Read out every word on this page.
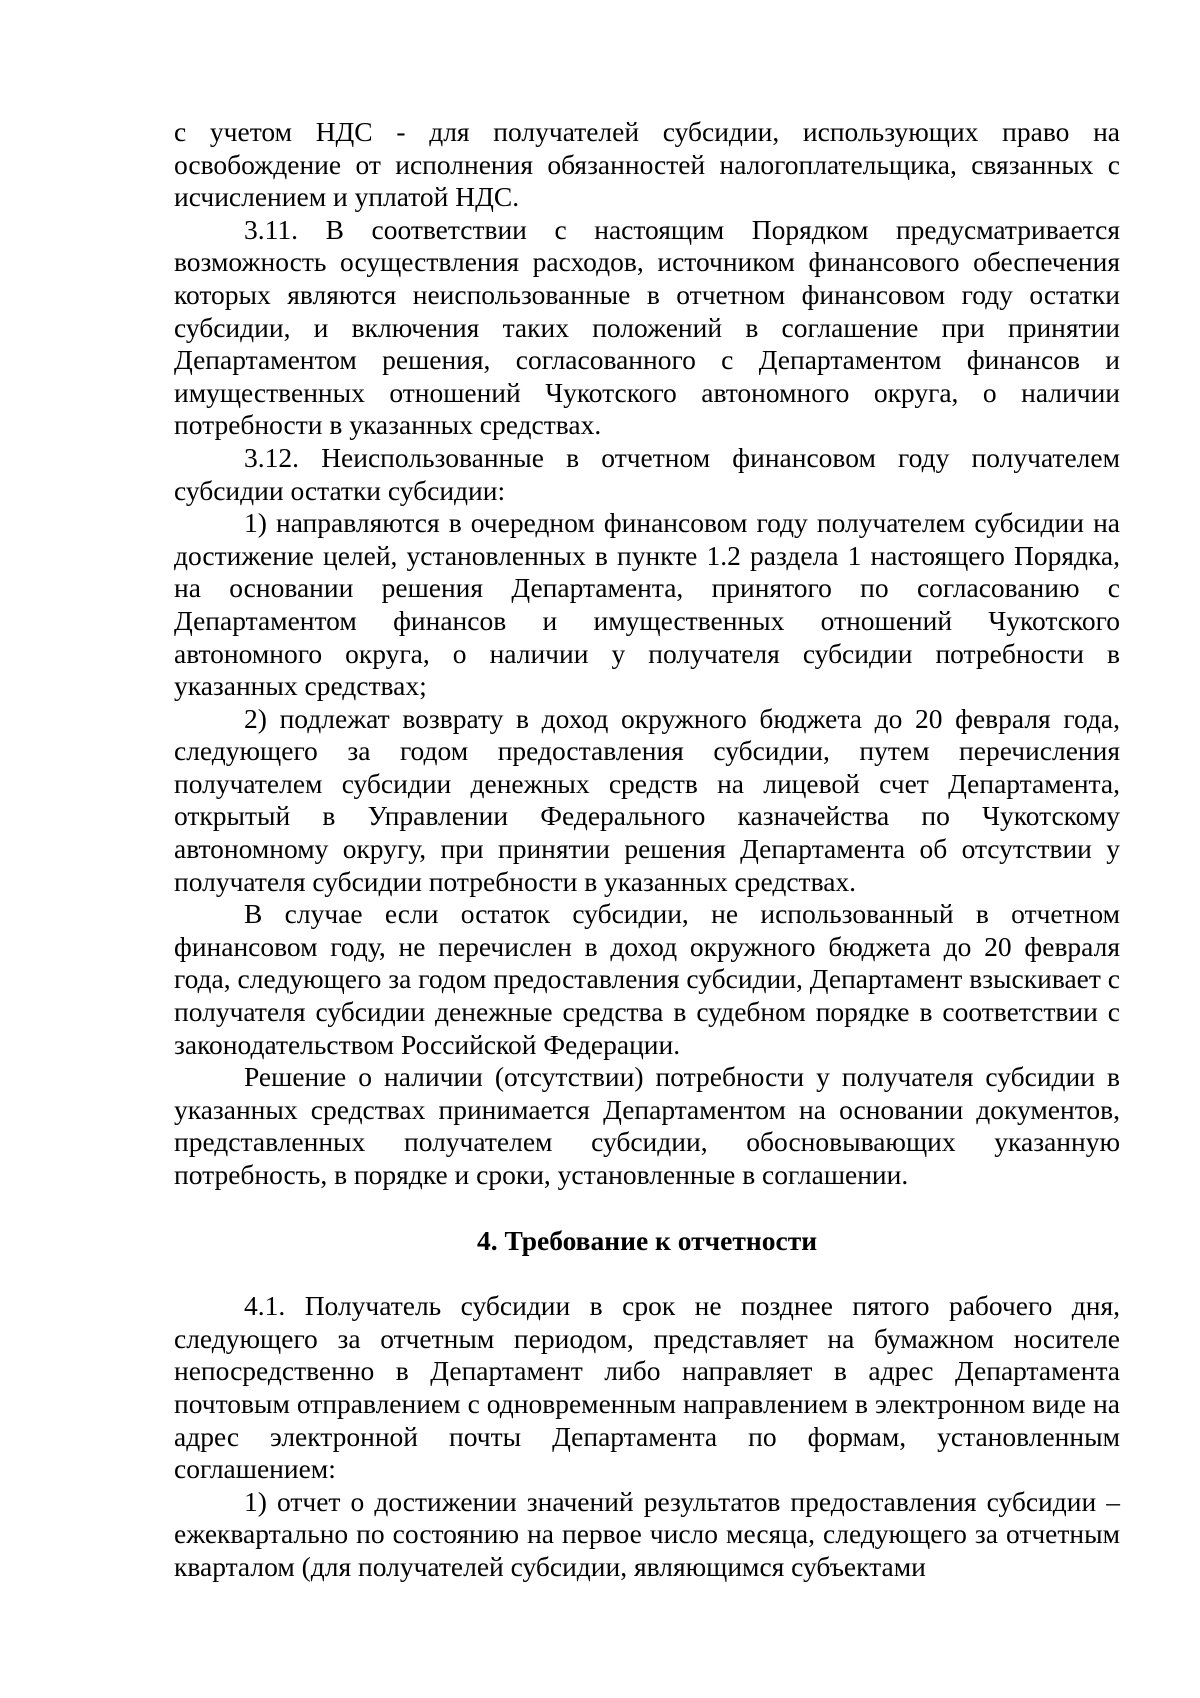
с учетом НДС - для получателей субсидии, использующих право на освобождение от исполнения обязанностей налогоплательщика, связанных с исчислением и уплатой НДС.

3.11. В соответствии с настоящим Порядком предусматривается возможность осуществления расходов, источником финансового обеспечения которых являются неиспользованные в отчетном финансовом году остатки субсидии, и включения таких положений в соглашение при принятии Департаментом решения, согласованного с Департаментом финансов и имущественных отношений Чукотского автономного округа, о наличии потребности в указанных средствах.

3.12. Неиспользованные в отчетном финансовом году получателем субсидии остатки субсидии:

1) направляются в очередном финансовом году получателем субсидии на достижение целей, установленных в пункте 1.2 раздела 1 настоящего Порядка, на основании решения Департамента, принятого по согласованию с Департаментом финансов и имущественных отношений Чукотского автономного округа, о наличии у получателя субсидии потребности в указанных средствах;

2) подлежат возврату в доход окружного бюджета до 20 февраля года, следующего за годом предоставления субсидии, путем перечисления получателем субсидии денежных средств на лицевой счет Департамента, открытый в Управлении Федерального казначейства по Чукотскому автономному округу, при принятии решения Департамента об отсутствии у получателя субсидии потребности в указанных средствах.

В случае если остаток субсидии, не использованный в отчетном финансовом году, не перечислен в доход окружного бюджета до 20 февраля года, следующего за годом предоставления субсидии, Департамент взыскивает с получателя субсидии денежные средства в судебном порядке в соответствии с законодательством Российской Федерации.

Решение о наличии (отсутствии) потребности у получателя субсидии в указанных средствах принимается Департаментом на основании документов, представленных получателем субсидии, обосновывающих указанную потребность, в порядке и сроки, установленные в соглашении.

4. Требование к отчетности

4.1. Получатель субсидии в срок не позднее пятого рабочего дня, следующего за отчетным периодом, представляет на бумажном носителе непосредственно в Департамент либо направляет в адрес Департамента почтовым отправлением с одновременным направлением в электронном виде на адрес электронной почты Департамента по формам, установленным соглашением:

1) отчет о достижении значений результатов предоставления субсидии – ежеквартально по состоянию на первое число месяца, следующего за отчетным кварталом (для получателей субсидии, являющимся субъектами
